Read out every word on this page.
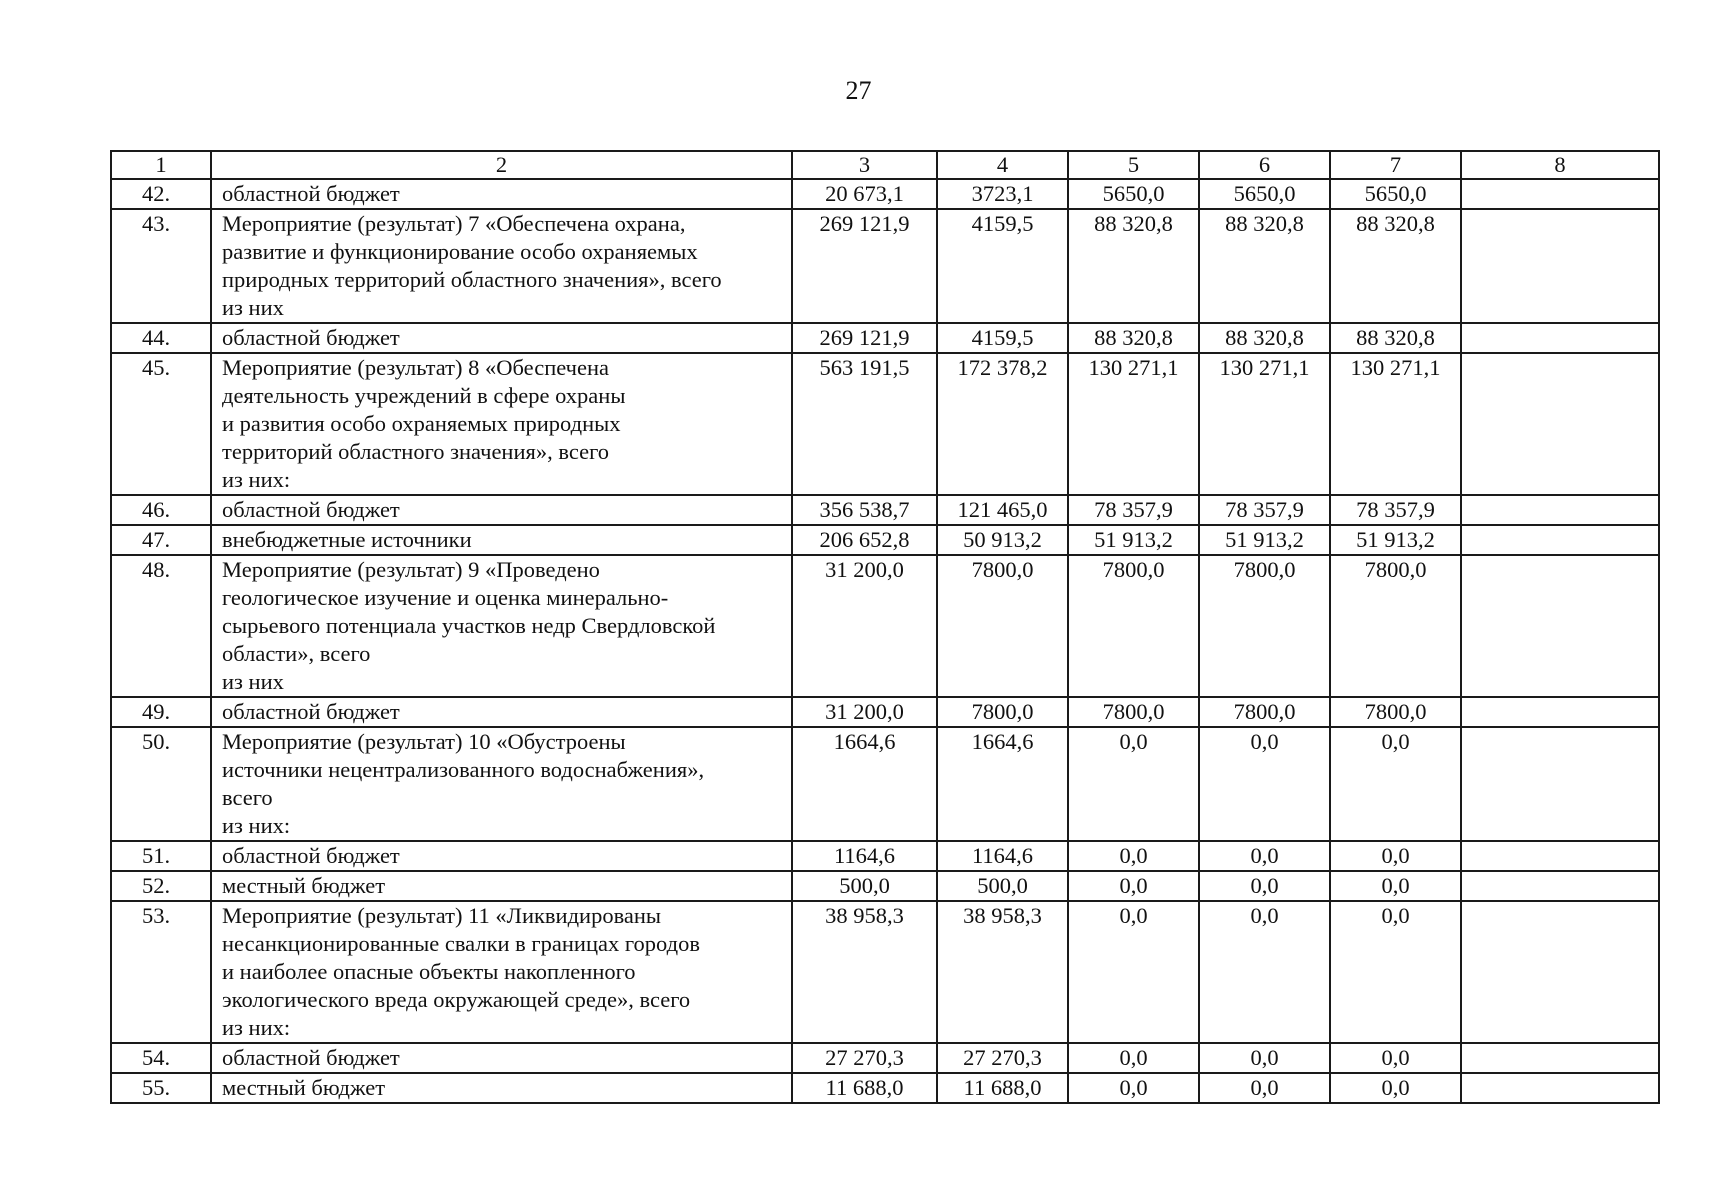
27
1	2	3	4	5	6	7	8
42.	областной бюджет	20 673,1	3723,1	5650,0	5650,0	5650,0	
43.	Мероприятие (результат) 7 «Обеспечена охрана,
развитие и функционирование особо охраняемых
природных территорий областного значения», всего
из них	269 121,9	4159,5	88 320,8	88 320,8	88 320,8	
44.	областной бюджет	269 121,9	4159,5	88 320,8	88 320,8	88 320,8	
45.	Мероприятие (результат) 8 «Обеспечена
деятельность учреждений в сфере охраны
и развития особо охраняемых природных
территорий областного значения», всего
из них:	563 191,5	172 378,2	130 271,1	130 271,1	130 271,1	
46.	областной бюджет	356 538,7	121 465,0	78 357,9	78 357,9	78 357,9	
47.	внебюджетные источники	206 652,8	50 913,2	51 913,2	51 913,2	51 913,2	
48.	Мероприятие (результат) 9 «Проведено
геологическое изучение и оценка минерально-
сырьевого потенциала участков недр Свердловской
области», всего
из них	31 200,0	7800,0	7800,0	7800,0	7800,0	
49.	областной бюджет	31 200,0	7800,0	7800,0	7800,0	7800,0	
50.	Мероприятие (результат) 10 «Обустроены
источники нецентрализованного водоснабжения»,
всего
из них:	1664,6	1664,6	0,0	0,0	0,0	
51.	областной бюджет	1164,6	1164,6	0,0	0,0	0,0	
52.	местный бюджет	500,0	500,0	0,0	0,0	0,0	
53.	Мероприятие (результат) 11 «Ликвидированы
несанкционированные свалки в границах городов
и наиболее опасные объекты накопленного
экологического вреда окружающей среде», всего
из них:	38 958,3	38 958,3	0,0	0,0	0,0	
54.	областной бюджет	27 270,3	27 270,3	0,0	0,0	0,0	
55.	местный бюджет	11 688,0	11 688,0	0,0	0,0	0,0	
